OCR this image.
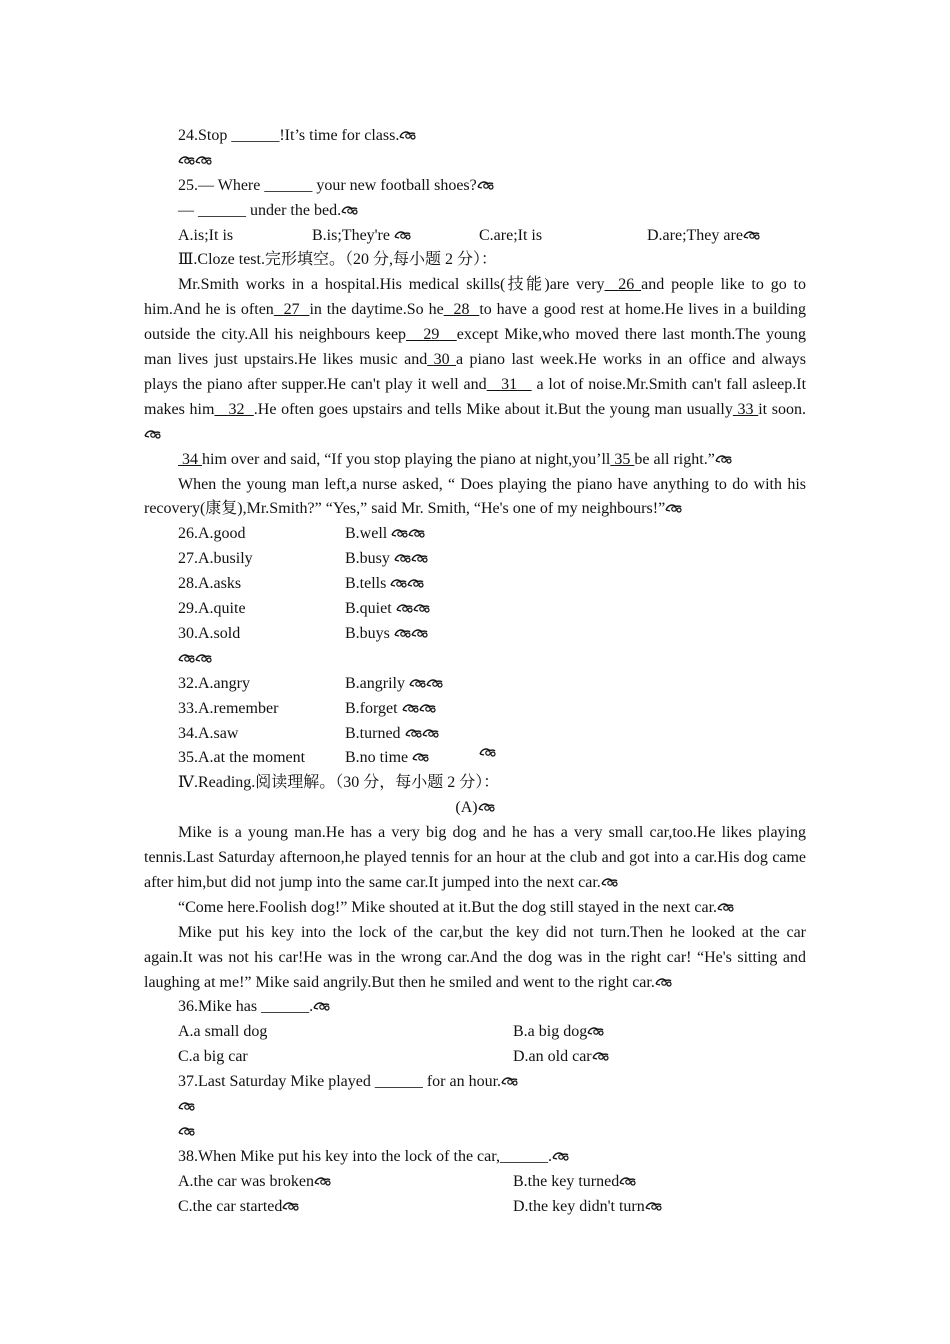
24.Stop ______!It’s time for class.
25.— Where ______ your new football shoes?
— ______ under the bed.
A.is;It is	B.is;They're	C.are;It is	D.are;They are
Ⅲ.Cloze test.完形填空。（20 分,每小题 2 分）：
Mr.Smith works in a hospital.His medical skills(技能)are very 26 and people like to go to him.And he is often 27 in the daytime.So he 28 to have a good rest at home.He lives in a building outside the city.All his neighbours keep 29 except Mike,who moved there last month.The young man lives just upstairs.He likes music and 30 a piano last week.He works in an office and always plays the piano after supper.He can't play it well and 31 a lot of noise.Mr.Smith can't fall asleep.It makes him 32 .He often goes upstairs and tells Mike about it.But the young man usually 33 it soon.
34 him over and said, “If you stop playing the piano at night,you’ll 35 be all right.”
When the young man left,a nurse asked, “ Does playing the piano have anything to do with his recovery(康复),Mr.Smith?” “Yes,” said Mr. Smith, “He's one of my neighbours!”
26.A.good	B.well
27.A.busily	B.busy
28.A.asks	B.tells
29.A.quite	B.quiet
30.A.sold	B.buys
32.A.angry	B.angrily
33.A.remember	B.forget
34.A.saw	B.turned
35.A.at the moment B.no time
Ⅳ.Reading.阅读理解。（30 分，每小题 2 分）：
(A)
Mike is a young man.He has a very big dog and he has a very small car,too.He likes playing tennis.Last Saturday afternoon,he played tennis for an hour at the club and got into a car.His dog came after him,but did not jump into the same car.It jumped into the next car.
“Come here.Foolish dog!” Mike shouted at it.But the dog still stayed in the next car.
Mike put his key into the lock of the car,but the key did not turn.Then he looked at the car again.It was not his car!He was in the wrong car.And the dog was in the right car! “He's sitting and laughing at me!” Mike said angrily.But then he smiled and went to the right car.
36.Mike has ______.
A.a small dog	B.a big dog
C.a big car	D.an old car
37.Last Saturday Mike played ______ for an hour.
38.When Mike put his key into the lock of the car,______.
A.the car was broken	B.the key turned
C.the car started	D.the key didn't turn
